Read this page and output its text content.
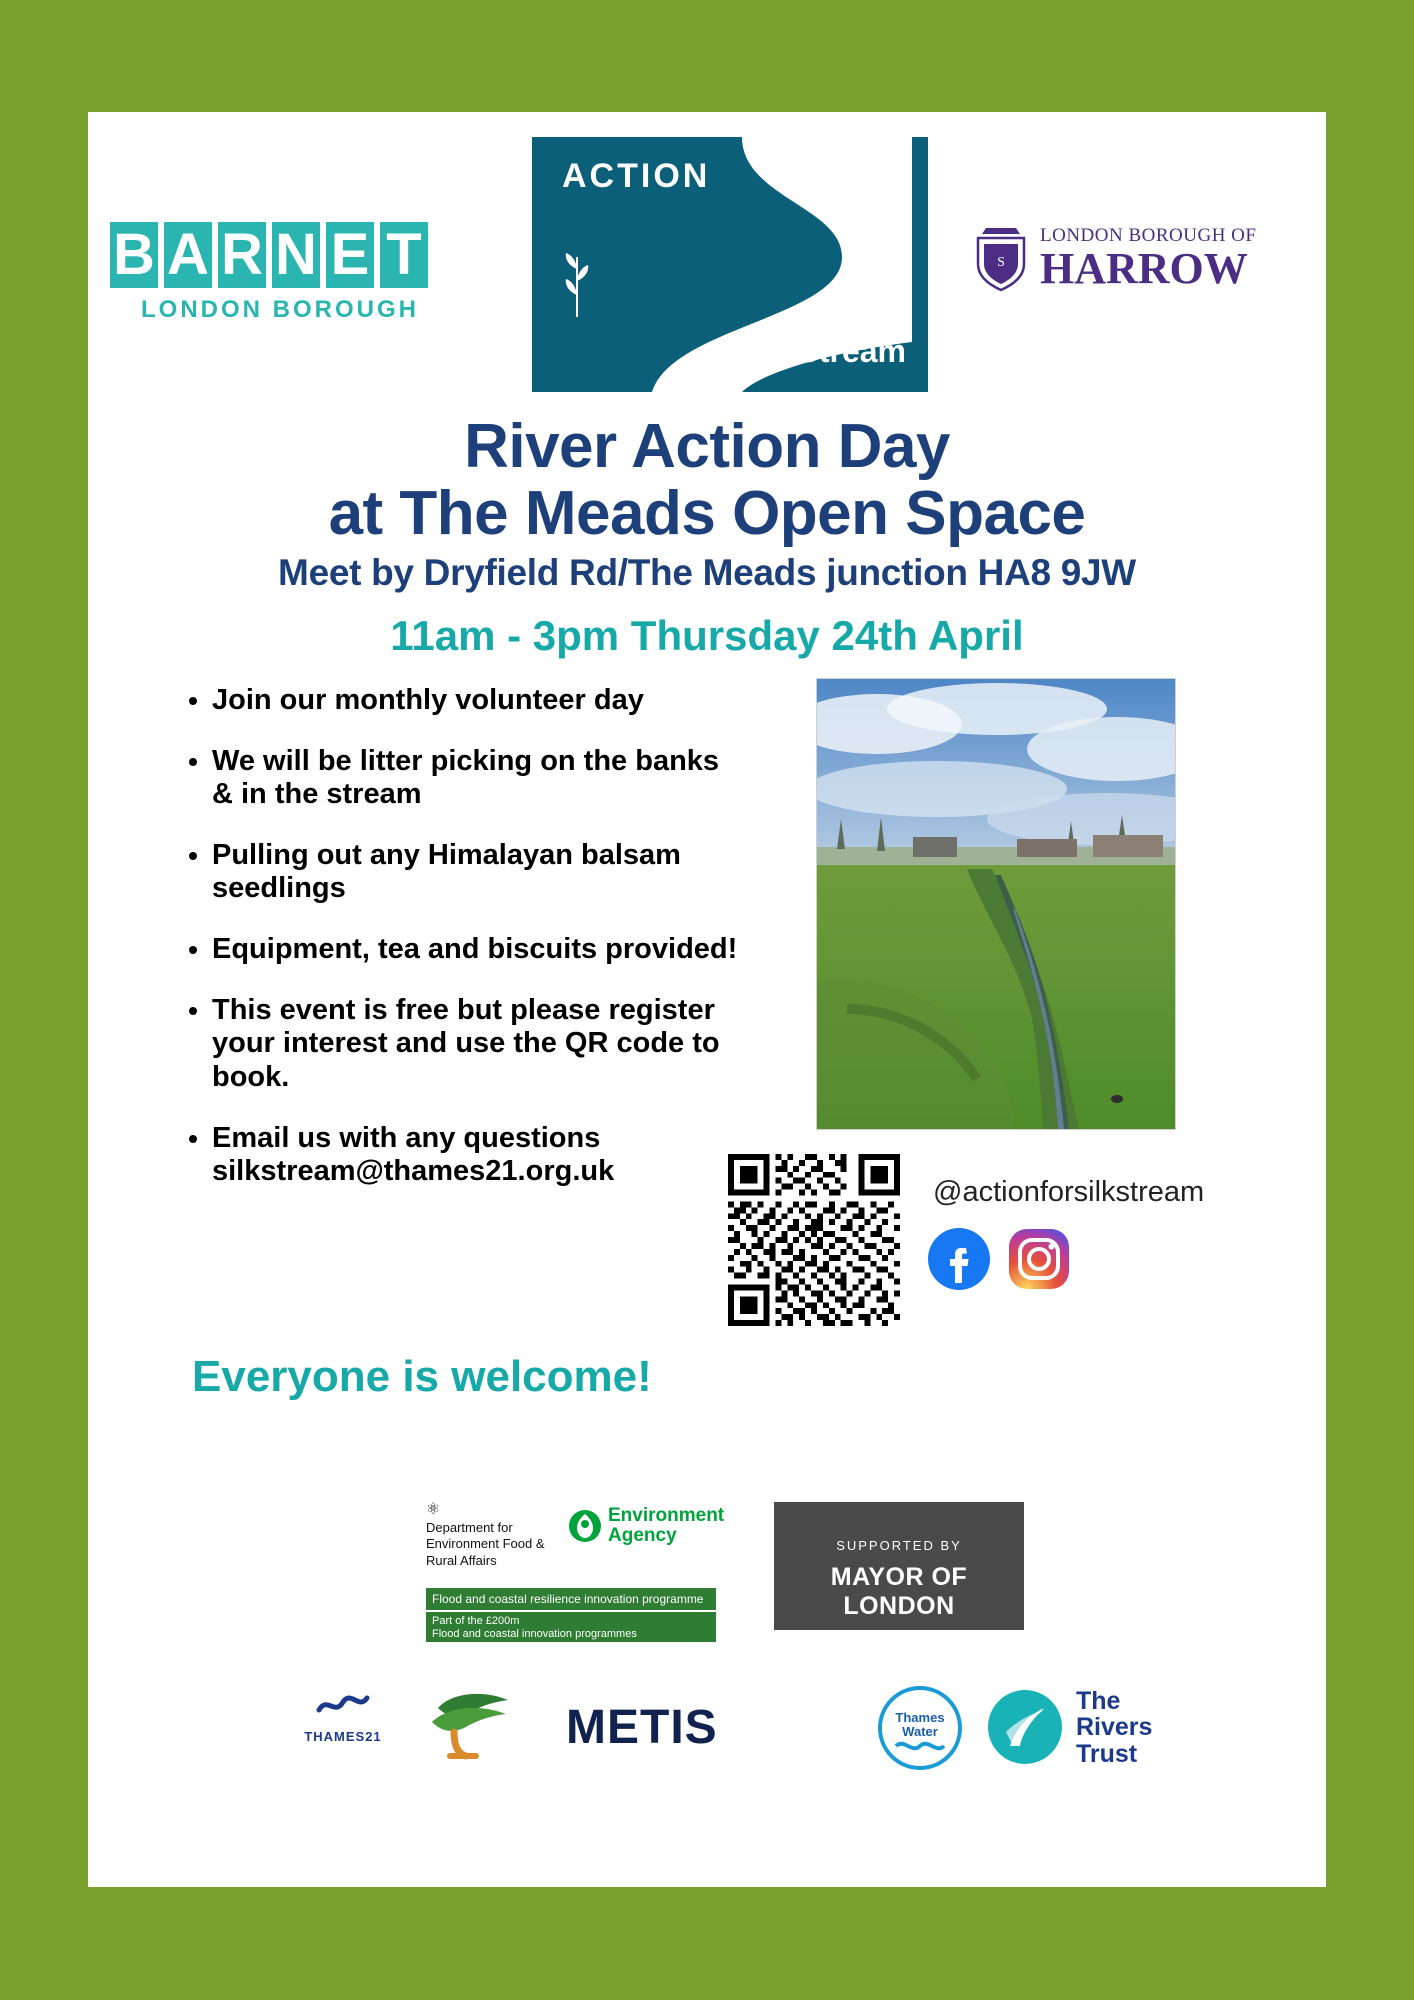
B A R N E T
LONDON BOROUGH
ACTION
for
Silk Stream
S
LONDON BOROUGH OF
HARROW
River Action Day
at The Meads Open Space
Meet by Dryfield Rd/The Meads junction HA8 9JW
11am - 3pm Thursday 24th April
• Join our monthly volunteer day
• We will be litter picking on the banks & in the stream
• Pulling out any Himalayan balsam seedlings
• Equipment, tea and biscuits provided!
• This event is free but please register your interest and use the QR code to book.
• Email us with any questions silkstream@thames21.org.uk
@actionforsilkstream
Everyone is welcome!
⚛
Department for Environment Food & Rural Affairs
Environment
Agency
Flood and coastal resilience innovation programme
Part of the £200m
Flood and coastal innovation programmes
SUPPORTED BY
MAYOR OF LONDON
THAMES21	METIS	Thames
Water
The
Rivers
Trust
